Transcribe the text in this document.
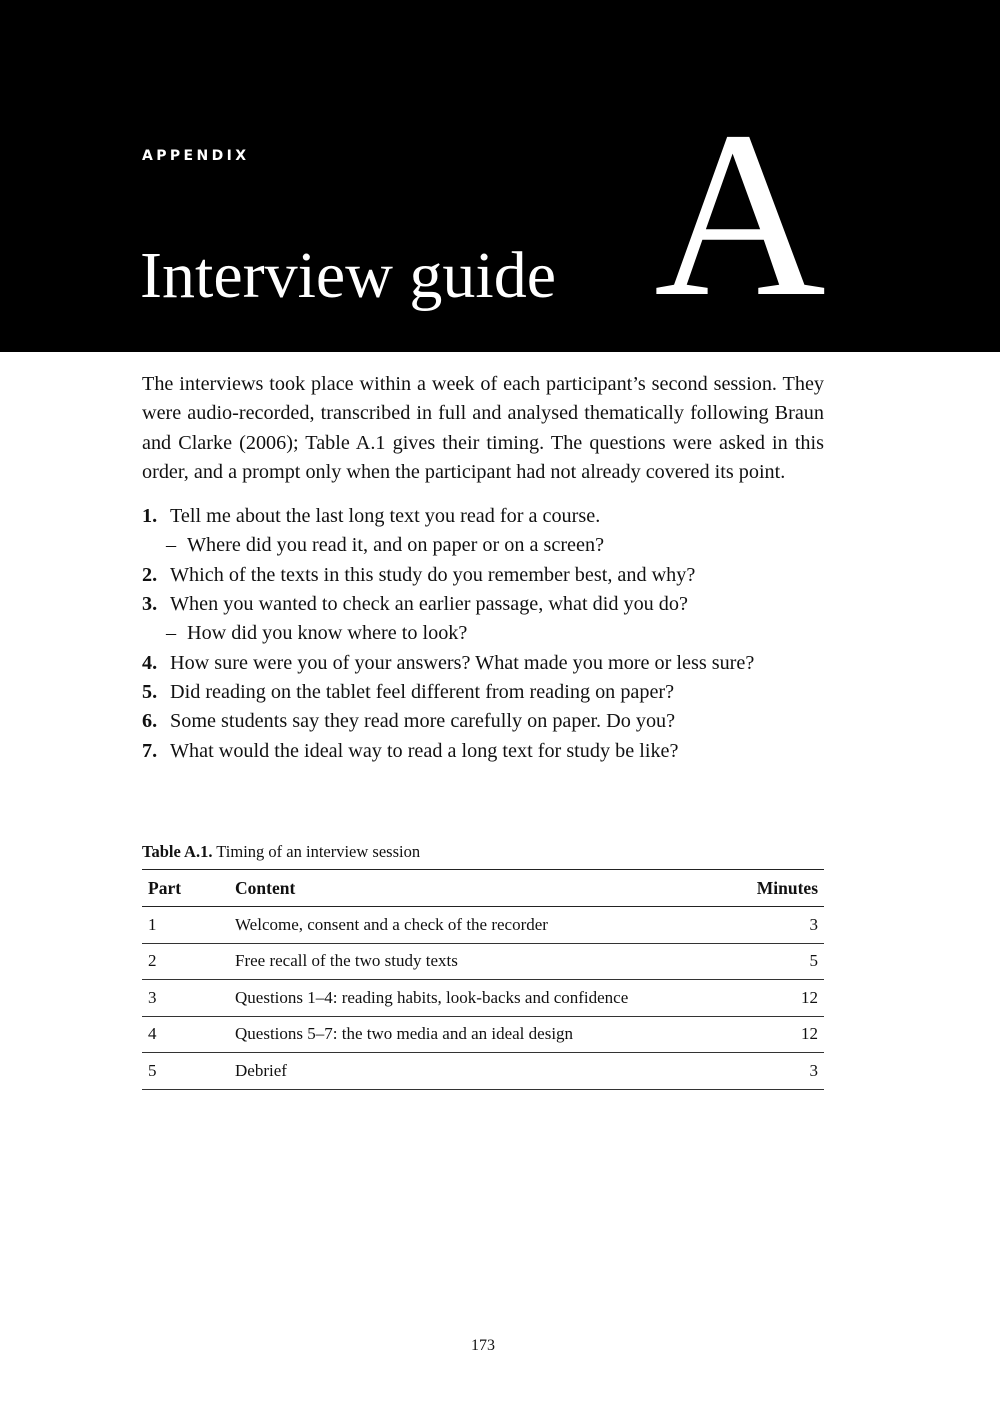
APPENDIX
Interview guide A

The interviews took place within a week of each participant’s second session. They were audio-recorded, transcribed in full and analysed thematically following Braun and Clarke (2006); Table A.1 gives their timing. The questions were asked in this order, and a prompt only when the participant had not already covered its point.

1. Tell me about the last long text you read for a course.
– Where did you read it, and on paper or on a screen?
2. Which of the texts in this study do you remember best, and why?
3. When you wanted to check an earlier passage, what did you do?
– How did you know where to look?
4. How sure were you of your answers? What made you more or less sure?
5. Did reading on the tablet feel different from reading on paper?
6. Some students say they read more carefully on paper. Do you?
7. What would the ideal way to read a long text for study be like?

Table A.1. Timing of an interview session

Part	Content	Minutes
1	Welcome, consent and a check of the recorder	3
2	Free recall of the two study texts	5
3	Questions 1–4: reading habits, look-backs and confidence	12
4	Questions 5–7: the two media and an ideal design	12
5	Debrief	3
173
